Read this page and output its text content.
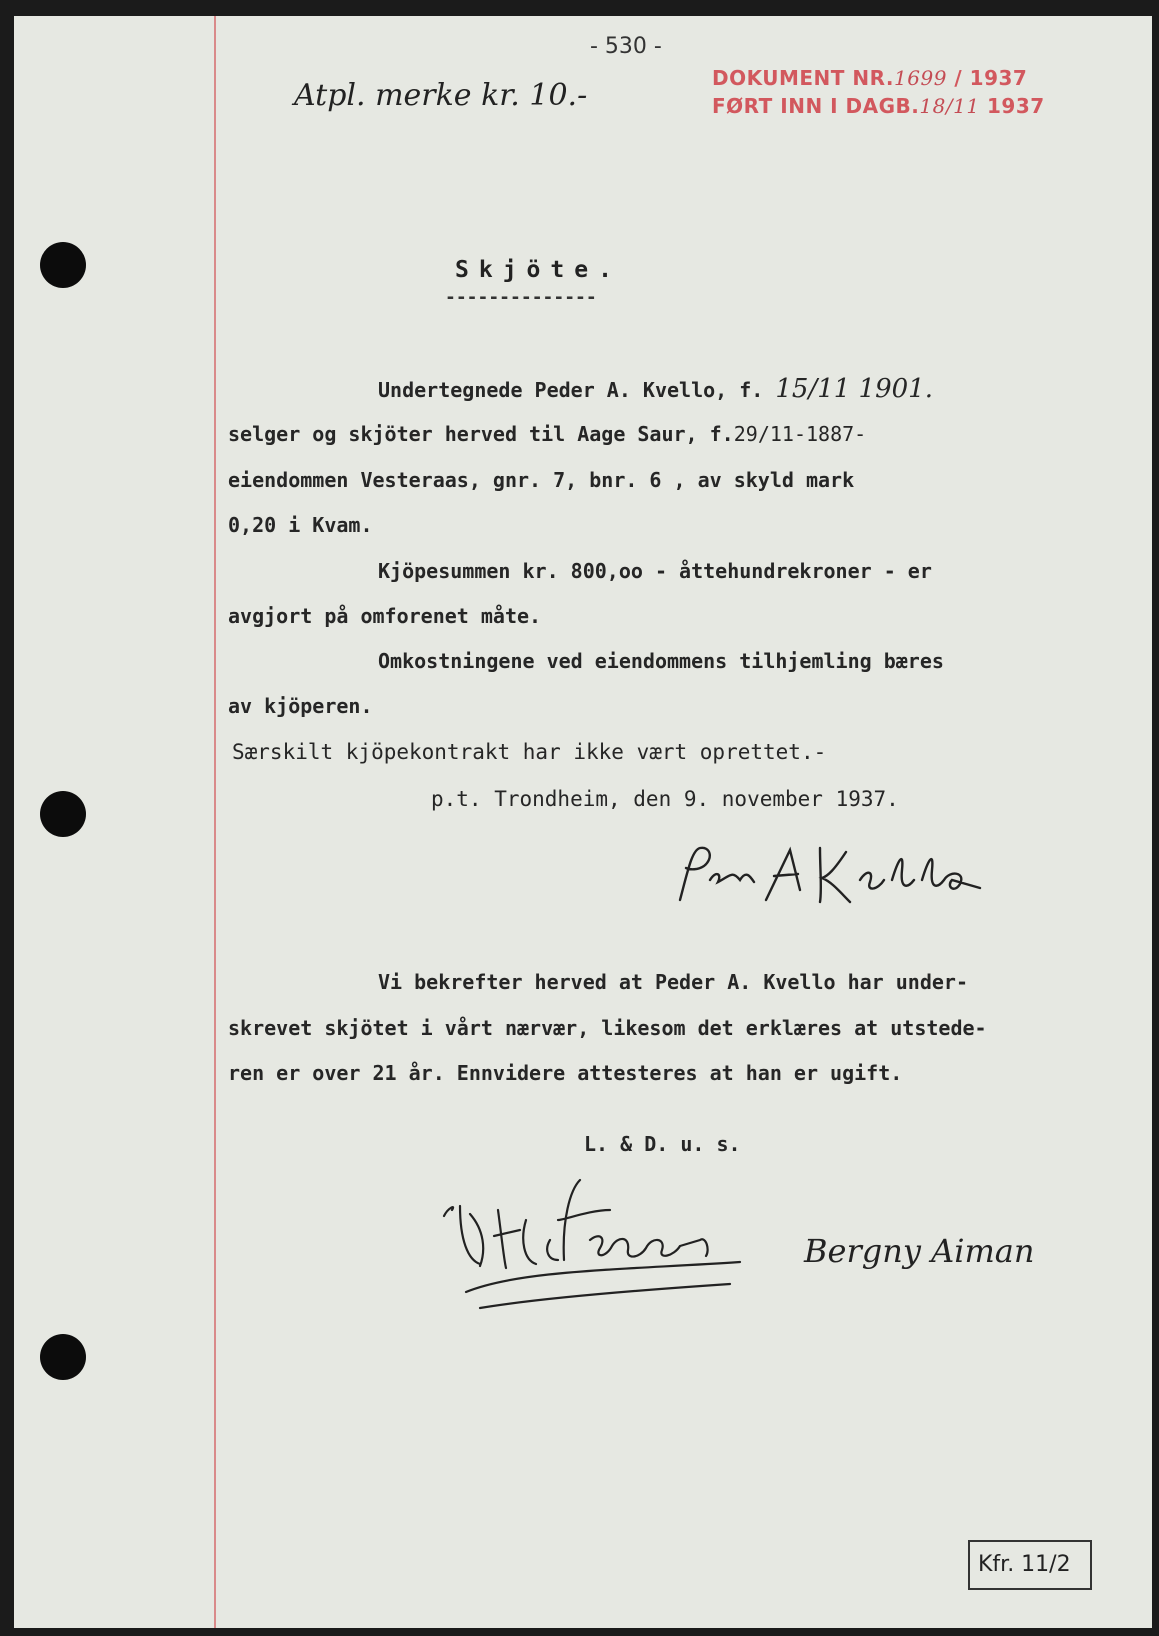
- 530 -
Atpl. merke kr. 10.-	DOKUMENT NR.1699 / 1937
FØRT INN I DAGB.18/11 1937
Skjöte.
--------------
Undertegnede Peder A. Kvello, f. 15/11 1901.
selger og skjöter herved til Aage Saur, f.29/11-1887-
eiendommen Vesteraas, gnr. 7, bnr. 6 , av skyld mark
0,20 i Kvam.
Kjöpesummen kr. 800,oo - åttehundrekroner - er
avgjort på omforenet måte.
Omkostningene ved eiendommens tilhjemling bæres
av kjöperen.
Særskilt kjöpekontrakt har ikke vært oprettet.-
p.t. Trondheim, den 9. november 1937.
Vi bekrefter herved at Peder A. Kvello har under-
skrevet skjötet i vårt nærvær, likesom det erklæres at utstede-
ren er over 21 år. Ennvidere attesteres at han er ugift.
L. & D. u. s.
Bergny Aiman
Kfr. 11/2
